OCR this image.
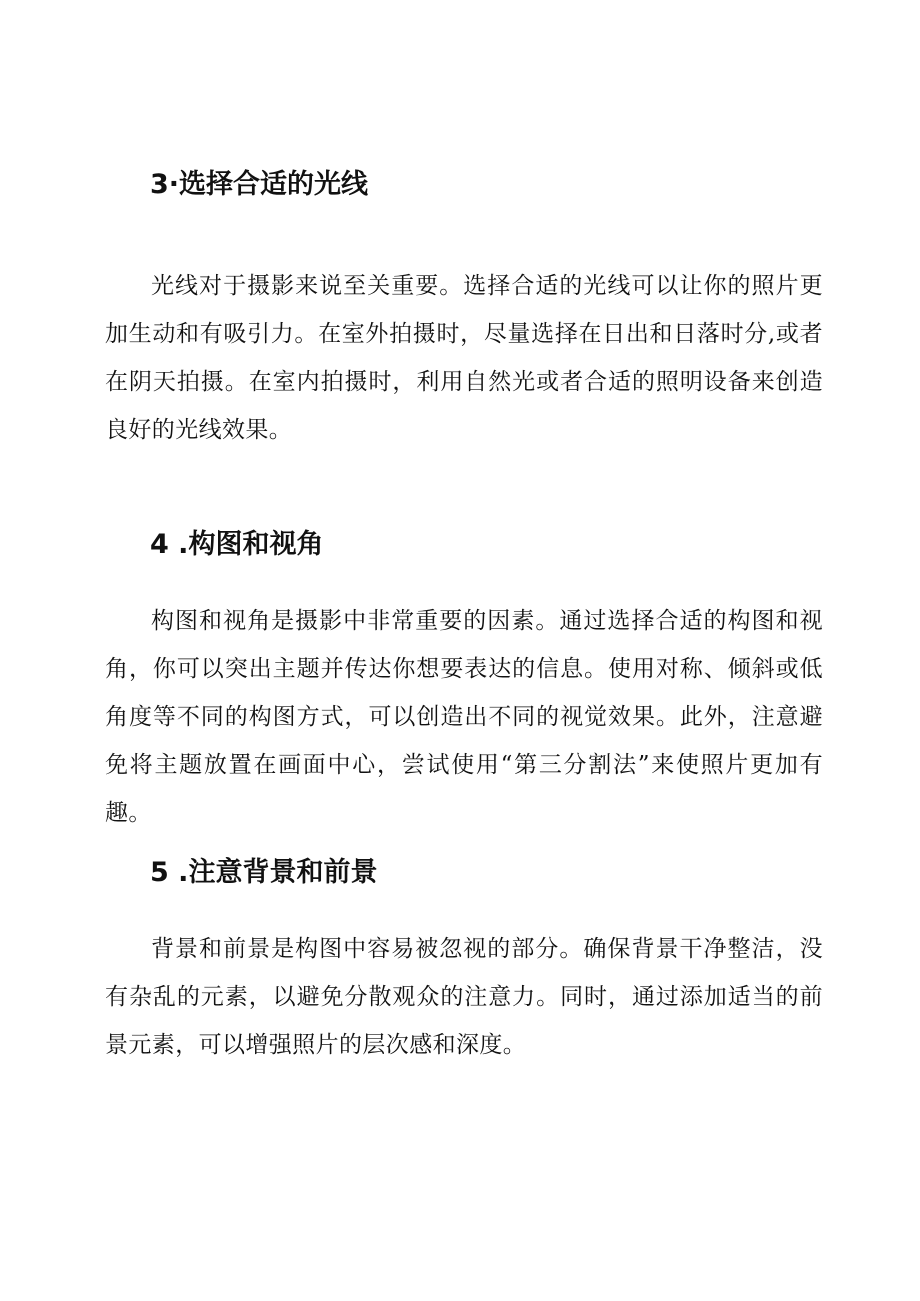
3·选择合适的光线

光线对于摄影来说至关重要。选择合适的光线可以让你的照片更加生动和有吸引力。在室外拍摄时，尽量选择在日出和日落时分,或者在阴天拍摄。在室内拍摄时，利用自然光或者合适的照明设备来创造良好的光线效果。

4 .构图和视角

构图和视角是摄影中非常重要的因素。通过选择合适的构图和视角，你可以突出主题并传达你想要表达的信息。使用对称、倾斜或低角度等不同的构图方式，可以创造出不同的视觉效果。此外，注意避免将主题放置在画面中心，尝试使用“第三分割法”来使照片更加有趣。

5 .注意背景和前景

背景和前景是构图中容易被忽视的部分。确保背景干净整洁，没有杂乱的元素，以避免分散观众的注意力。同时，通过添加适当的前景元素，可以增强照片的层次感和深度。
